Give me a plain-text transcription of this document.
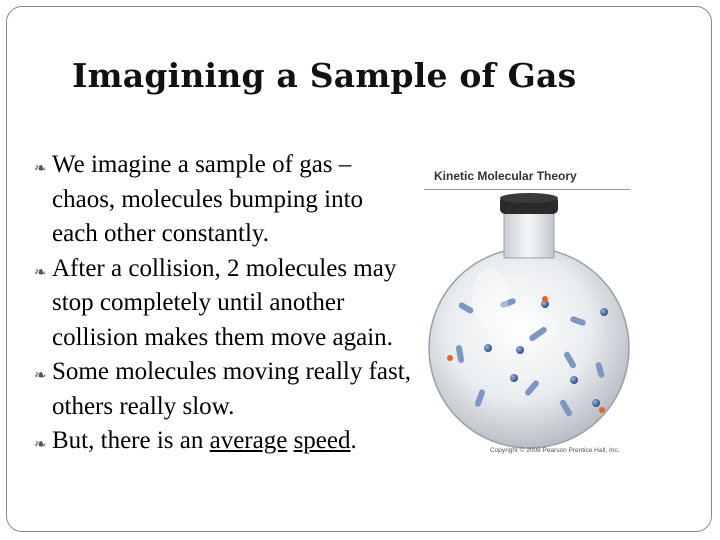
Imagining a Sample of Gas
❧ We imagine a sample of gas – chaos, molecules bumping into each other constantly.
❧ After a collision, 2 molecules may stop completely until another collision makes them move again.
❧ Some molecules moving really fast, others really slow.
❧ But, there is an average speed.
Kinetic Molecular Theory
Copyright © 2008 Pearson Prentice Hall, Inc.
